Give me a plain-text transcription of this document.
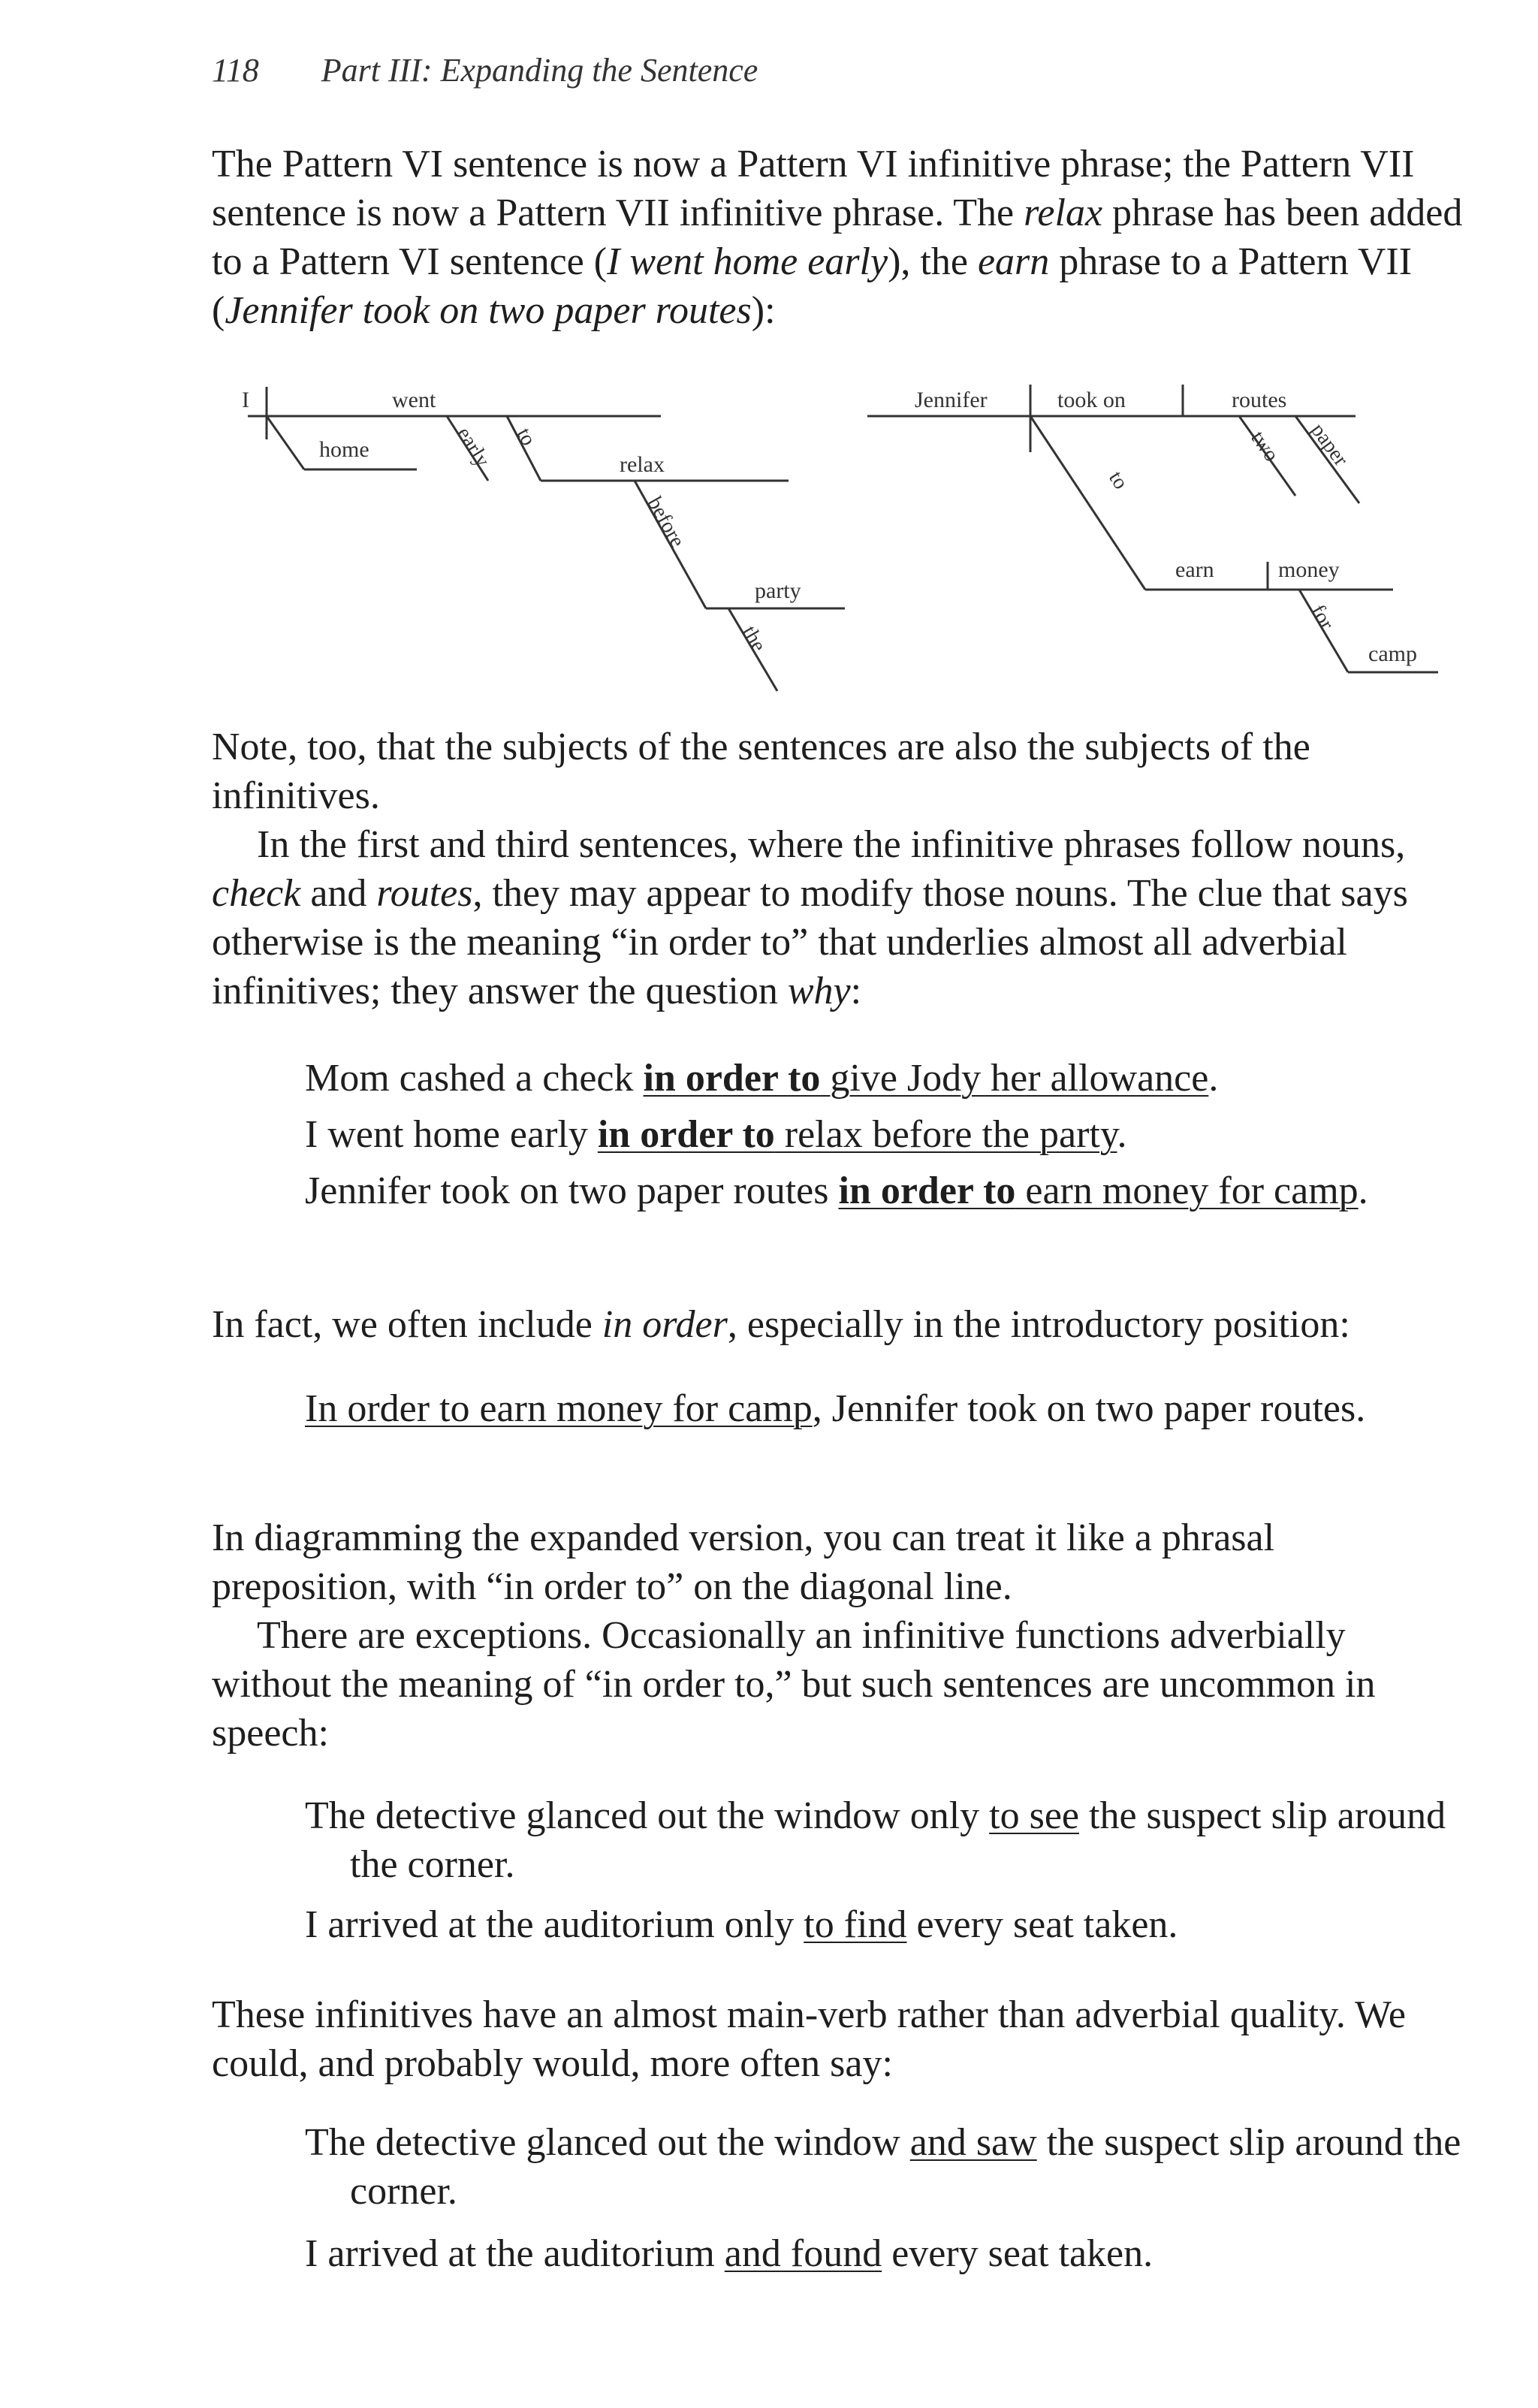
118 Part III: Expanding the Sentence

The Pattern VI sentence is now a Pattern VI infinitive phrase; the Pattern VII sentence is now a Pattern VII infinitive phrase. The relax phrase has been added to a Pattern VI sentence (I went home early), the earn phrase to a Pattern VII (Jennifer took on two paper routes):

I	went
home	early to
relax
before
party
the
Jennifer	took on	routes
two paper
to
earn	money
for
camp

Note, too, that the subjects of the sentences are also the subjects of the infinitives.

In the first and third sentences, where the infinitive phrases follow nouns, check and routes, they may appear to modify those nouns. The clue that says otherwise is the meaning “in order to” that underlies almost all adverbial infinitives; they answer the question why:

Mom cashed a check in order to give Jody her allowance.

I went home early in order to relax before the party.

Jennifer took on two paper routes in order to earn money for camp.

In fact, we often include in order, especially in the introductory position:

In order to earn money for camp, Jennifer took on two paper routes.

In diagramming the expanded version, you can treat it like a phrasal preposition, with “in order to” on the diagonal line.

There are exceptions. Occasionally an infinitive functions adverbially without the meaning of “in order to,” but such sentences are uncommon in speech:

The detective glanced out the window only to see the suspect slip around the corner.

I arrived at the auditorium only to find every seat taken.

These infinitives have an almost main-verb rather than adverbial quality. We could, and probably would, more often say:

The detective glanced out the window and saw the suspect slip around the corner.

I arrived at the auditorium and found every seat taken.
